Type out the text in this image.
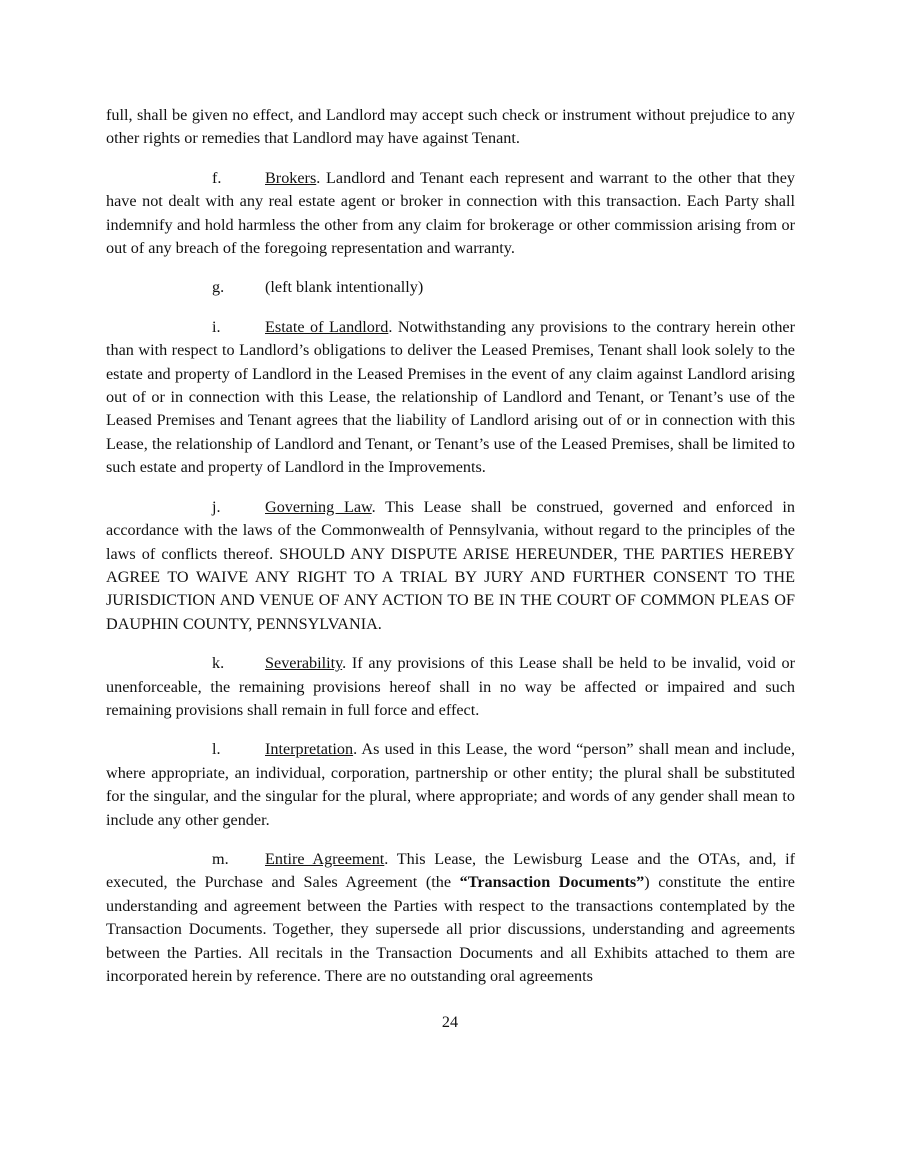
full, shall be given no effect, and Landlord may accept such check or instrument without prejudice to any other rights or remedies that Landlord may have against Tenant.

f.	Brokers. Landlord and Tenant each represent and warrant to the other that they have not dealt with any real estate agent or broker in connection with this transaction. Each Party shall indemnify and hold harmless the other from any claim for brokerage or other commission arising from or out of any breach of the foregoing representation and warranty.

g.	(left blank intentionally)

i.	Estate of Landlord. Notwithstanding any provisions to the contrary herein other than with respect to Landlord’s obligations to deliver the Leased Premises, Tenant shall look solely to the estate and property of Landlord in the Leased Premises in the event of any claim against Landlord arising out of or in connection with this Lease, the relationship of Landlord and Tenant, or Tenant’s use of the Leased Premises and Tenant agrees that the liability of Landlord arising out of or in connection with this Lease, the relationship of Landlord and Tenant, or Tenant’s use of the Leased Premises, shall be limited to such estate and property of Landlord in the Improvements.

j.	Governing Law. This Lease shall be construed, governed and enforced in accordance with the laws of the Commonwealth of Pennsylvania, without regard to the principles of the laws of conflicts thereof. SHOULD ANY DISPUTE ARISE HEREUNDER, THE PARTIES HEREBY AGREE TO WAIVE ANY RIGHT TO A TRIAL BY JURY AND FURTHER CONSENT TO THE JURISDICTION AND VENUE OF ANY ACTION TO BE IN THE COURT OF COMMON PLEAS OF DAUPHIN COUNTY, PENNSYLVANIA.

k.	Severability. If any provisions of this Lease shall be held to be invalid, void or unenforceable, the remaining provisions hereof shall in no way be affected or impaired and such remaining provisions shall remain in full force and effect.

l.	Interpretation. As used in this Lease, the word “person” shall mean and include, where appropriate, an individual, corporation, partnership or other entity; the plural shall be substituted for the singular, and the singular for the plural, where appropriate; and words of any gender shall mean to include any other gender.

m. Entire Agreement. This Lease, the Lewisburg Lease and the OTAs, and, if executed, the Purchase and Sales Agreement (the “Transaction Documents”) constitute the entire understanding and agreement between the Parties with respect to the transactions contemplated by the Transaction Documents. Together, they supersede all prior discussions, understanding and agreements between the Parties. All recitals in the Transaction Documents and all Exhibits attached to them are incorporated herein by reference. There are no outstanding oral agreements

24
